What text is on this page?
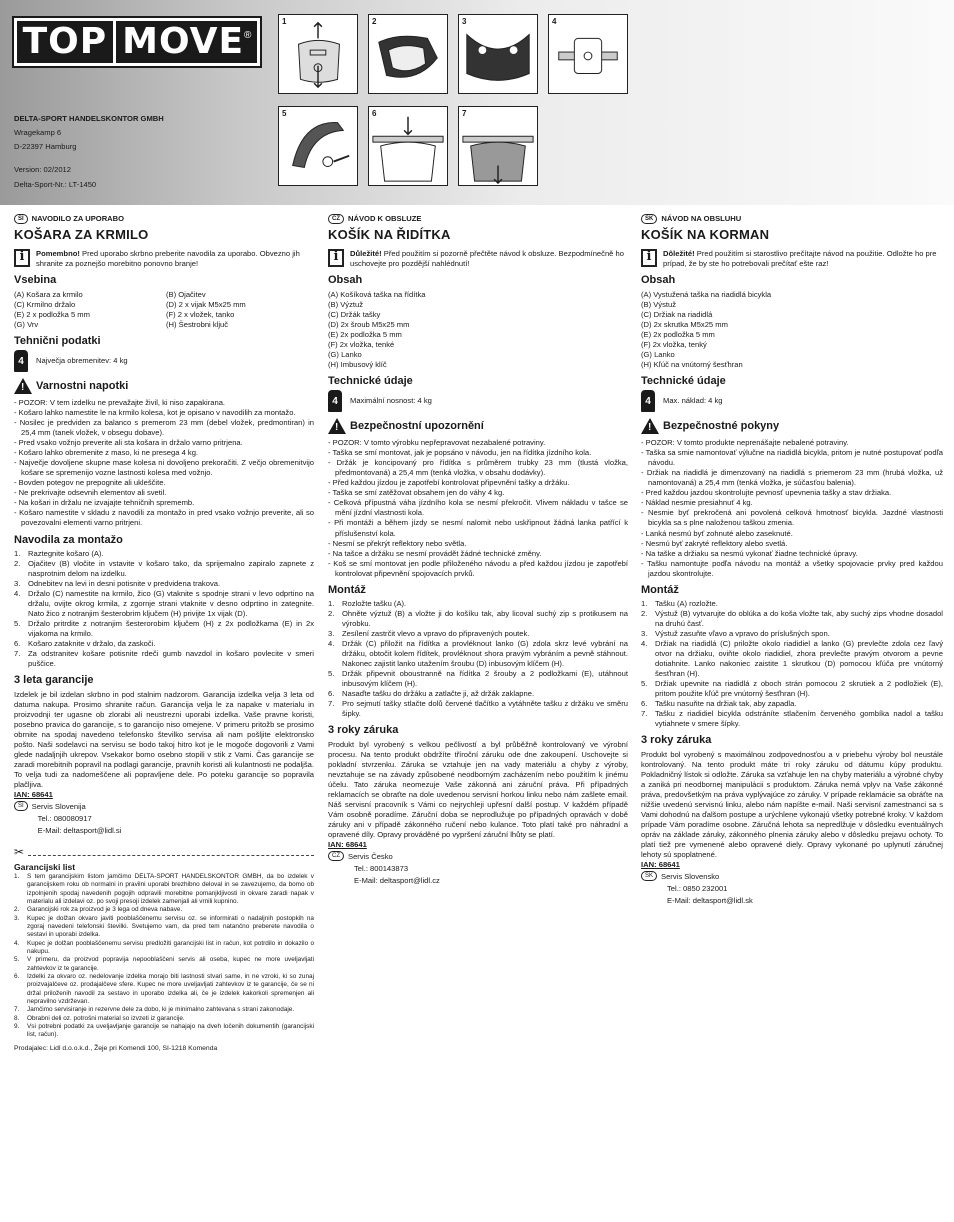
TOP MOVE ®
DELTA-SPORT HANDELSKONTOR GMBH
Wragekamp 6
D-22397 Hamburg
Version: 02/2012
Delta-Sport-Nr.: LT-1450
1	2	3	4
5	6	7
SI	NAVODILO ZA UPORABO
KOŠARA ZA KRMILO
i	Pomembno! Pred uporabo skrbno preberite navodila za uporabo. Obvezno jih shranite za poznejšo morebitno ponovno branje!
Vsebina
(A) Košara za krmilo	(B) Ojačitev
(C) Krmilno držalo	(D) 2 x vijak M5x25 mm
(E) 2 x podložka 5 mm	(F) 2 x vložek, tanko
(G) Vrv	(H) Šestrobni ključ
Tehnični podatki
4	Največja obremenitev: 4 kg
!
Varnostni napotki
- POZOR: V tem izdelku ne prevažajte živil, ki niso zapakirana.
- Košaro lahko namestite le na krmilo kolesa, kot je opisano v navodilih za montažo.
- Nosilec je predviden za balanco s premerom 23 mm (debel vložek, predmontiran) in 25,4 mm (tanek vložek, v obsegu dobave).
- Pred vsako vožnjo preverite ali sta košara in držalo varno pritrjena.
- Košaro lahko obremenite z maso, ki ne presega 4 kg.
- Največje dovoljene skupne mase kolesa ni dovoljeno prekoračiti. Z večjo obremenitvijo košare se spremenijo vozne lastnosti kolesa med vožnjo.
- Bovden potegov ne prepognite ali ukleščite.
- Ne prekrivajte odsevnih elementov ali svetil.
- Na košari in držalu ne izvajajte tehničnih sprememb.
- Košaro namestite v skladu z navodili za montažo in pred vsako vožnjo preverite, ali so povezovalni elementi varno pritrjeni.
Navodila za montažo
1.	Raztegnite košaro (A).
2.	Ojačitev (B) vločite in vstavite v košaro tako, da sprijemalno zapiralo zapnete z nasprotnim delom na izdelku.
3.	Odnebitev na levi in desni potisnite v predvidena trakova.
4.	Držalo (C) namestite na krmilo, žico (G) vtaknite s spodnje strani v levo odprtino na držalu, ovijte okrog krmila, z zgornje strani vtaknite v desno odprtino in zategnite. Nato žico z notranjim šesterobrim ključem (H) privijte 1x vijak (D).
5.	Držalo pritrdite z notranjim šesterorobim ključem (H) z 2x podložkama (E) in 2x vijakoma na krmilo.
6.	Košaro zataknite v držalo, da zaskoči.
7.	Za odstranitev košare potisnite rdeči gumb navzdol in košaro povlecite v smeri puščice.
3 leta garancije

Izdelek je bil izdelan skrbno in pod stalnim nadzorom. Garancija izdelka velja 3 leta od datuma nakupa. Prosimo shranite račun. Garancija velja le za napake v materialu in proizvodnji ter ugasne ob zlorabi ali neustrezni uporabi izdelka. Vaše pravne koristi, posebno pravica do garancije, s to garancijo niso omejene. V primeru pritožb se prosimo obrnite na spodaj navedeno telefonsko številko servisa ali nam pošljite elektronsko pošto. Naši sodelavci na servisu se bodo takoj hitro kot je le mogoče dogovorili z Vami glede nadaljnjih ukrepov. Vsekakor bomo osebno stopili v stik z Vami. Čas garancije se zaradi morebitnih popravil na podlagi garancije, pravnih koristi ali kulantnosti ne podaljša. To velja tudi za nadomeščene ali popravljene dele. Po poteku garancije so popravila plačljiva.

IAN: 68641
SI	Servis Slovenija
Tel.: 080080917
E-Mail: deltasport@lidl.si
✂
Garancijski list
1.	S tem garancijskim listom jamčimo DELTA-SPORT HANDELSKONTOR GMBH, da bo izdelek v garancijskem roku ob normalni in pravilni uporabi brezhibno deloval in se zavezujemo, da bomo ob izpolnjenih spodaj navedenih pogojih odpravili morebitne pomanjkljivosti in okvare zaradi napak v materialu ali izdelavi oz. po svoji presoji izdelek zamenjali ali vrnili kupnino.
2.	Garancijski rok za proizvod je 3 lega od dneva nabave.
3.	Kupec je dolžan okvaro javiti pooblaščenemu servisu oz. se informirati o nadaljnih postopkih na zgoraj navedeni telefonski številki. Svetujemo vam, da pred tem natančno preberete navodila o sestavi in uporabi izdelka.
4.	Kupec je dolžan pooblaščenemu servisu predložiti garancijski list in račun, kot potrdilo in dokazilo o nakupu.
5.	V primeru, da proizvod popravija nepooblaščeni servis ali oseba, kupec ne more uveljavljati zahtevkov iz te garancije.
6.	Izdelki za okvaro oz. nedelovanje izdelka morajo biti lastnosti stvari same, in ne vzroki, ki so zunaj proizvajalčeve oz. prodajalčeve sfere. Kupec ne more uveljavljati zahtevkov iz te garancije, če se ni držal priloženih navodil za sestavo in uporabo izdelka ali, če je izdelek kakorkoli spremenjen ali nepravilno vzdrževan.
7.	Jamčimo servisiranje in rezervne dele za dobo, ki je minimalno zahtevana s strani zakonodaje.
8.	Obrabni deli oz. potrošni material so izvzeti iz garancije.
9.	Vsi potrebni podatki za uveljavljanje garancije se nahajajo na dveh ločenih dokumentih (garancijski list, račun).
Prodajalec: Lidl d.o.o.k.d., Žeje pri Komendi 100, SI-1218 Komenda
CZ	NÁVOD K OBSLUZE
KOŠÍK NA ŘIDÍTKA
i	Důležité! Před použitím si pozorně přečtěte návod k obsluze. Bezpodmínečně ho uschovejte pro pozdější nahlédnutí!
Obsah
(A) Košíková taška na řídítka
(B) Výztuž
(C) Držák tašky
(D) 2x šroub M5x25 mm
(E) 2x podložka 5 mm
(F) 2x vložka, tenké
(G) Lanko
(H) Imbusový klíč
Technické údaje
4	Maximální nosnost: 4 kg
!
Bezpečnostní upozornění
- POZOR: V tomto výrobku nepřepravovat nezabalené potraviny.
- Taška se smí montovat, jak je popsáno v návodu, jen na řídítka jízdního kola.
- Držák je koncipovaný pro řídítka s průměrem trubky 23 mm (tlustá vložka, předmontovaná) a 25,4 mm (tenká vložka, v obsahu dodávky).
- Před každou jízdou je zapotřebí kontrolovat připevnění tašky a držáku.
- Taška se smí zatěžovat obsahem jen do váhy 4 kg.
- Celková přípustná váha jízdního kola se nesmí překročit. Vlivem nákladu v tašce se mění jízdní vlastnosti kola.
- Při montáži a během jízdy se nesmí nalomit nebo uskřipnout žádná lanka patřící k příslušenství kola.
- Nesmí se překrýt reflektory nebo světla.
- Na tašce a držáku se nesmí provádět žádné technické změny.
- Koš se smí montovat jen podle přiloženého návodu a před každou jízdou je zapotřebí kontrolovat připevnění spojovacích prvků.
Montáž
1.	Rozložte tašku (A).
2.	Ohněte výztuž (B) a vložte ji do košíku tak, aby licoval suchý zip s protikusem na výrobku.
3.	Zesílení zastrčit vlevo a vpravo do připravených poutek.
4.	Držák (C) přiložit na řídítka a provléknout lanko (G) zdola skrz levé vybrání na držáku, obtočit kolem řídítek, provléknout shora pravým vybráním a pevně stáhnout. Nakonec zajistit lanko utažením šroubu (D) inbusovým klíčem (H).
5.	Držák připevnit oboustranně na řídítka 2 šrouby a 2 podložkami (E), utáhnout inbusovým klíčem (H).
6.	Nasaďte tašku do držáku a zatlačte ji, až držák zaklapne.
7.	Pro sejmutí tašky stlačte dolů červené tlačítko a vytáhněte tašku z držáku ve směru šipky.
3 roky záruka

Produkt byl vyrobený s velkou pečlivostí a byl průběžně kontrolovaný ve výrobní procesu. Na tento produkt obdržíte tříroční záruku ode dne zakoupení. Uschovejte si pokladní stvrzenku. Záruka se vztahuje jen na vady materiálu a chyby z výroby, nevztahuje se na závady způsobené neodborným zacházením nebo použitím k jinému účelu. Tato záruka neomezuje Vaše zákonná ani záruční práva. Při případných reklamacích se obraťte na dole uvedenou servisní horkou linku nebo nám zašlete email. Náš servisní pracovník s Vámi co nejrychleji upřesní další postup. V každém případě Vám osobně poradíme. Záruční doba se neprodlužuje po případných opravách v době záruky ani v případě zákonného ručení nebo kulance. Toto platí také pro náhradní a opravené díly. Opravy prováděné po vypršení záruční lhůty se platí.

IAN: 68641
CZ	Servis Česko
Tel.: 800143873
E-Mail: deltasport@lidl.cz
SK	NÁVOD NA OBSLUHU
KOŠÍK NA KORMAN
i	Dôležité! Pred použitím si starostlivo prečítajte návod na použitie. Odložte ho pre prípad, že by ste ho potrebovali prečítať ešte raz!
Obsah
(A) Vystužená taška na riadidlá bicykla
(B) Výstuž
(C) Držiak na riadidlá
(D) 2x skrutka M5x25 mm
(E) 2x podložka 5 mm
(F) 2x vložka, tenký
(G) Lanko
(H) Kľúč na vnútorný šesťhran
Technické údaje
4	Max. náklad: 4 kg
!
Bezpečnostné pokyny
- POZOR: V tomto produkte neprenášajte nebalené potraviny.
- Taška sa smie namontovať výlučne na riadidlá bicykla, pritom je nutné postupovať podľa návodu.
- Držiak na riadidlá je dimenzovaný na riadidlá s priemerom 23 mm (hrubá vložka, už namontovaná) a 25,4 mm (tenká vložka, je súčasťou balenia).
- Pred každou jazdou skontrolujte pevnosť upevnenia tašky a stav držiaka.
- Náklad nesmie presiahnuť 4 kg.
- Nesmie byť prekročená ani povolená celková hmotnosť bicykla. Jazdné vlastnosti bicykla sa s plne naloženou taškou zmenia.
- Lanká nesmú byť zohnuté alebo zaseknuté.
- Nesmú byť zakryté reflektory alebo svetlá.
- Na taške a držiaku sa nesmú vykonať žiadne technické úpravy.
- Tašku namontujte podľa návodu na montáž a všetky spojovacie prvky pred každou jazdou skontrolujte.
Montáž
1.	Tašku (A) rozložte.
2.	Výstuž (B) vytvarujte do oblúka a do koša vložte tak, aby suchý zips vhodne dosadol na druhú časť.
3.	Výstuž zasuňte vľavo a vpravo do príslušných spon.
4.	Držiak na riadidlá (C) priložte okolo riadidiel a lanko (G) prevlečte zdola cez ľavý otvor na držiaku, oviňte okolo riadidiel, zhora prevlečte pravým otvorom a pevne dotiahnite. Lanko nakoniec zaistite 1 skrutkou (D) pomocou kľúča pre vnútorný šesťhran (H).
5.	Držiak upevnite na riadidlá z oboch strán pomocou 2 skrutiek a 2 podložiek (E), pritom použite kľúč pre vnútorný šesťhran (H).
6.	Tašku nasuňte na držiak tak, aby zapadla.
7.	Tašku z riadidiel bicykla odstráníte stlačením červeného gombíka nadol a tašku vytiahnete v smere šípky.
3 roky záruka

Produkt bol vyrobený s maximálnou zodpovednosťou a v priebehu výroby bol neustále kontrolovaný. Na tento produkt máte tri roky záruku od dátumu kúpy produktu. Pokladničný lístok si odložte. Záruka sa vzťahuje len na chyby materiálu a výrobné chyby a zaniká pri neodbornej manipulácii s produktom. Záruka nemá vplyv na Vaše zákonné práva, predovšetkým na práva vyplývajúce zo záruky. V prípade reklamácie sa obráťte na nižšie uvedenú servisnú linku, alebo nám napíšte e-mail. Naši servisní zamestnanci sa s Vami dohodnú na ďalšom postupe a urýchlene vykonajú všetky potrebné kroky. V každom prípade Vám poradíme osobne. Záručná lehota sa nepredlžuje v dôsledku eventuálnych opráv na základe záruky, zákonného plnenia záruky alebo v dôsledku prejavu ochoty. To platí tiež pre vymenené alebo opravené diely. Opravy vykonané po uplynutí záručnej lehoty sú spoplatnené.

IAN: 68641
SK	Servis Slovensko
Tel.: 0850 232001
E-Mail: deltasport@lidl.sk
